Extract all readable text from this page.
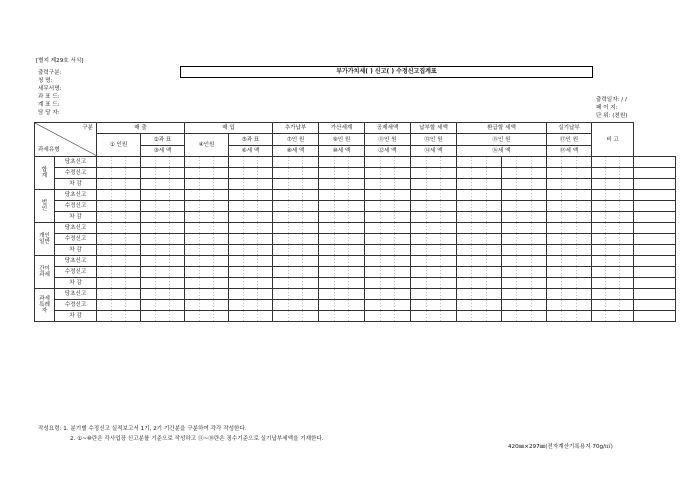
[별지 제29호 서식]
출력구분:
청 명:
세무서명:
과 표 드:
계 표 드:
담 당 자:
부가가치세( ) 신고( ) 수정신고집계표
출력일자: / /
페 이 지:
단 위: (천원)
구분
과세유형		매 출		매 입		추가납부	가산세계	공제세액	납부할 세액	환급할 세액		실기납부	비 고	
		① 인원	②과 표	④인원	⑤과 표	⑦인 원	⑨인 원	⑪인 원	⑬인 원	⑮인 원		⑰인 원		
			③세 액		⑥세 액	⑧세 액	⑩세 액	⑫세 액	⑭세 액	⑯세 액		⑱세 액		
합
계	당초신고													
	수정신고													
	차 감													
법
인	당초신고													
	수정신고													
	차 감													
개인
일반	당초신고													
	수정신고													
	차 감													
간이
과세	당초신고													
	수정신고													
	차 감													
과세
특례
자	당초신고													
	수정신고													
	차 감													
작성요령: 1. 분기별 수정신고 실적보고서 1기, 2기 기간분을 구분하여 각각 작성한다.
2. ①~⑩란은 각사업장 신고분를 기준으로 작성하고 ⑪~⑱란은 징수기준으로 실기납부세액을 기재한다.
420㎜×297㎜(전자계산기록용지 70g/㎡)
